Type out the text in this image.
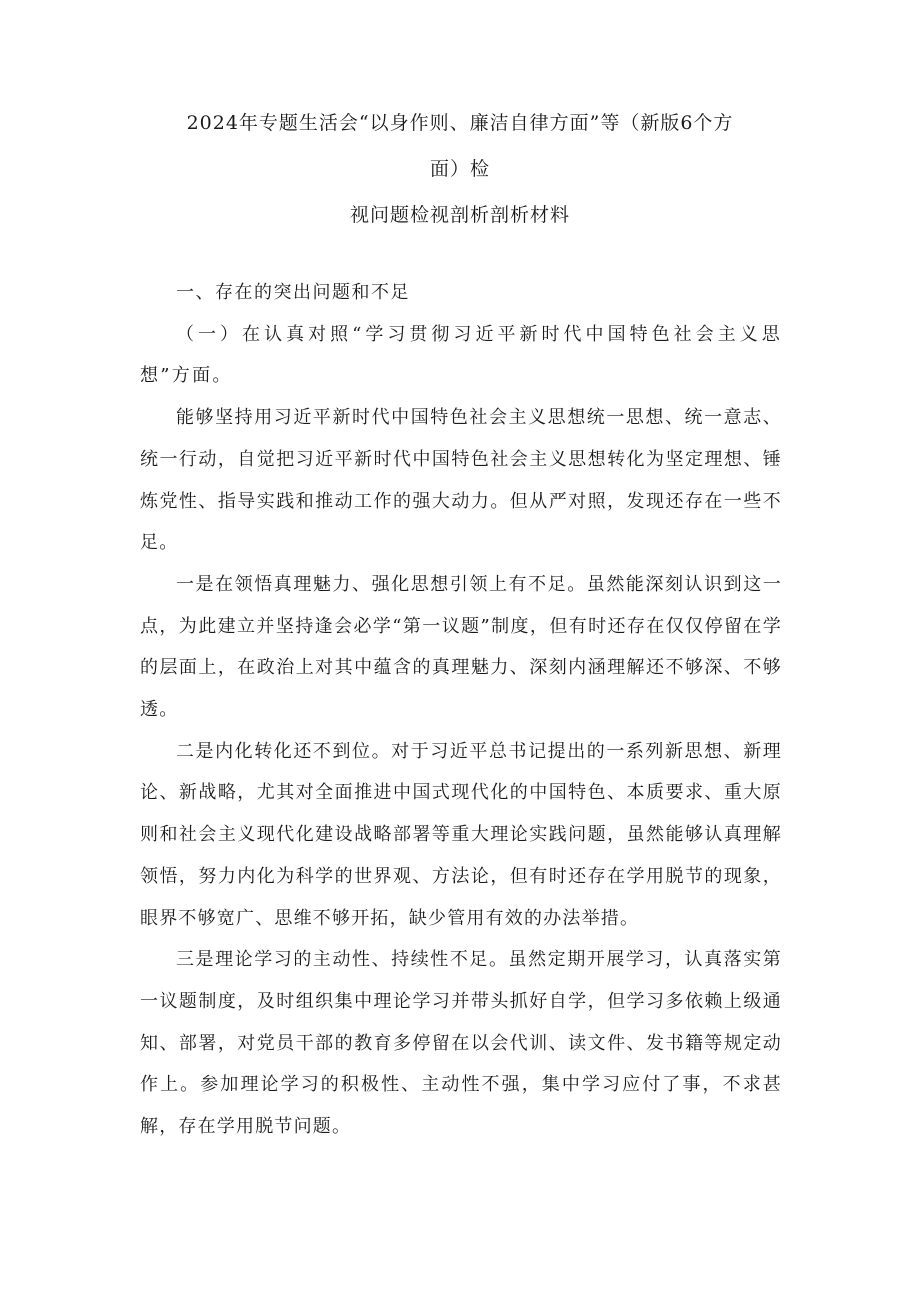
2024年专题生活会“以身作则、廉洁自律方面”等（新版6个方
面）检
视问题检视剖析剖析材料

一、存在的突出问题和不足

（一）在认真对照“学习贯彻习近平新时代中国特色社会主义思想”方面。

能够坚持用习近平新时代中国特色社会主义思想统一思想、统一意志、统一行动，自觉把习近平新时代中国特色社会主义思想转化为坚定理想、锤炼党性、指导实践和推动工作的强大动力。但从严对照，发现还存在一些不足。

一是在领悟真理魅力、强化思想引领上有不足。虽然能深刻认识到这一点，为此建立并坚持逢会必学“第一议题”制度，但有时还存在仅仅停留在学的层面上，在政治上对其中蕴含的真理魅力、深刻内涵理解还不够深、不够透。

二是内化转化还不到位。对于习近平总书记提出的一系列新思想、新理论、新战略，尤其对全面推进中国式现代化的中国特色、本质要求、重大原则和社会主义现代化建设战略部署等重大理论实践问题，虽然能够认真理解领悟，努力内化为科学的世界观、方法论，但有时还存在学用脱节的现象，眼界不够宽广、思维不够开拓，缺少管用有效的办法举措。

三是理论学习的主动性、持续性不足。虽然定期开展学习，认真落实第一议题制度，及时组织集中理论学习并带头抓好自学，但学习多依赖上级通知、部署，对党员干部的教育多停留在以会代训、读文件、发书籍等规定动作上。参加理论学习的积极性、主动性不强，集中学习应付了事，不求甚解，存在学用脱节问题。
